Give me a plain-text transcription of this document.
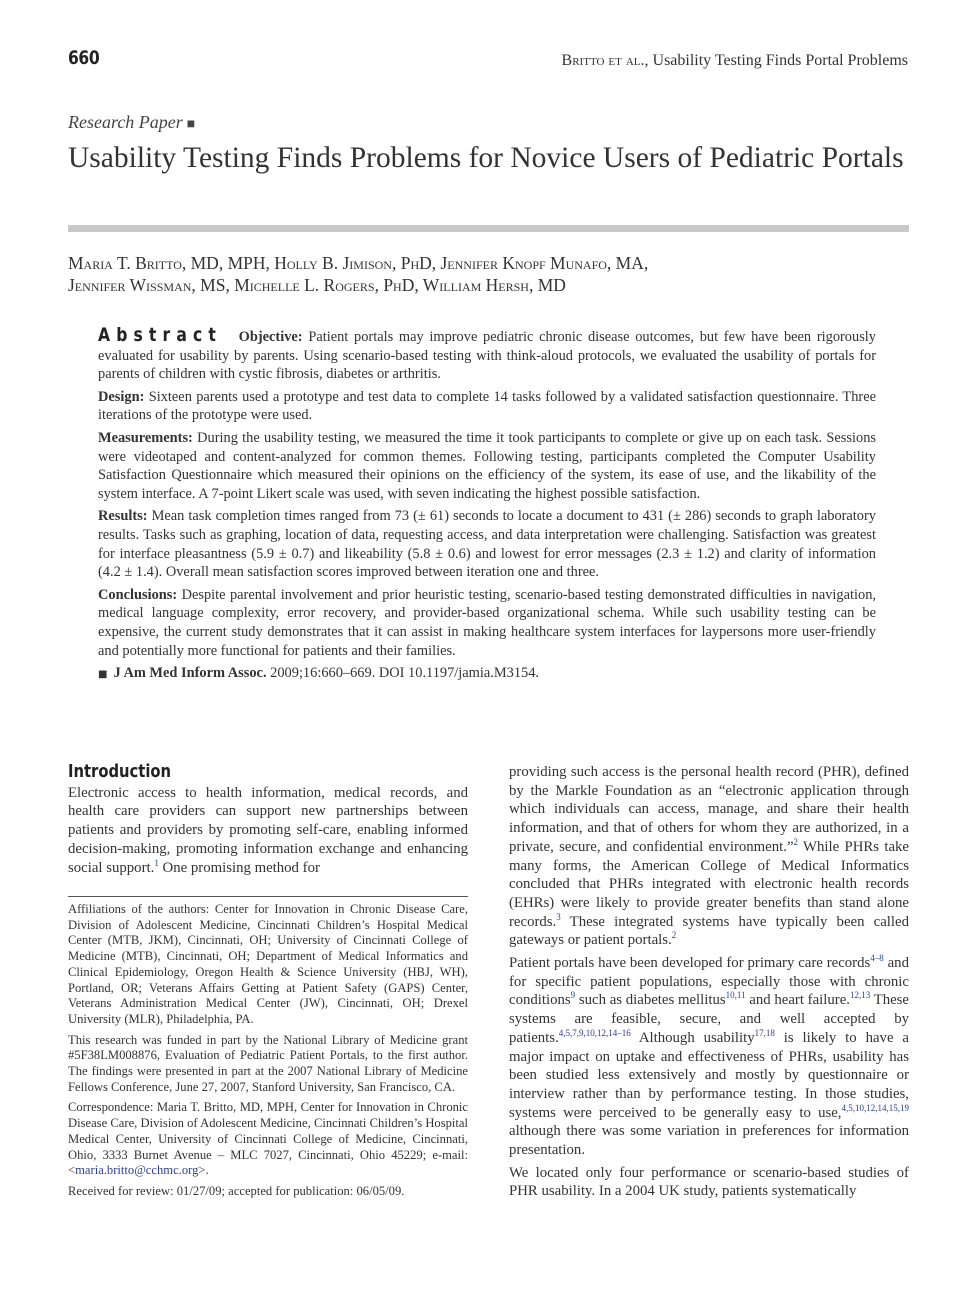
660	Britto et al., Usability Testing Finds Portal Problems
Research Paper ■
Usability Testing Finds Problems for Novice Users of Pediatric Portals
Maria T. Britto, MD, MPH, Holly B. Jimison, PhD, Jennifer Knopf Munafo, MA,
Jennifer Wissman, MS, Michelle L. Rogers, PhD, William Hersh, MD

Abstract Objective: Patient portals may improve pediatric chronic disease outcomes, but few have been rigorously evaluated for usability by parents. Using scenario-based testing with think-aloud protocols, we evaluated the usability of portals for parents of children with cystic fibrosis, diabetes or arthritis.

Design: Sixteen parents used a prototype and test data to complete 14 tasks followed by a validated satisfaction questionnaire. Three iterations of the prototype were used.

Measurements: During the usability testing, we measured the time it took participants to complete or give up on each task. Sessions were videotaped and content-analyzed for common themes. Following testing, participants completed the Computer Usability Satisfaction Questionnaire which measured their opinions on the efficiency of the system, its ease of use, and the likability of the system interface. A 7-point Likert scale was used, with seven indicating the highest possible satisfaction.

Results: Mean task completion times ranged from 73 (± 61) seconds to locate a document to 431 (± 286) seconds to graph laboratory results. Tasks such as graphing, location of data, requesting access, and data interpretation were challenging. Satisfaction was greatest for interface pleasantness (5.9 ± 0.7) and likeability (5.8 ± 0.6) and lowest for error messages (2.3 ± 1.2) and clarity of information (4.2 ± 1.4). Overall mean satisfaction scores improved between iteration one and three.

Conclusions: Despite parental involvement and prior heuristic testing, scenario-based testing demonstrated difficulties in navigation, medical language complexity, error recovery, and provider-based organizational schema. While such usability testing can be expensive, the current study demonstrates that it can assist in making healthcare system interfaces for laypersons more user-friendly and potentially more functional for patients and their families.

■ J Am Med Inform Assoc. 2009;16:660–669. DOI 10.1197/jamia.M3154.

Introduction

Electronic access to health information, medical records, and health care providers can support new partnerships between patients and providers by promoting self-care, enabling informed decision-making, promoting information exchange and enhancing social support.$^1$ One promising method for

Affiliations of the authors: Center for Innovation in Chronic Disease Care, Division of Adolescent Medicine, Cincinnati Children’s Hospital Medical Center (MTB, JKM), Cincinnati, OH; University of Cincinnati College of Medicine (MTB), Cincinnati, OH; Department of Medical Informatics and Clinical Epidemiology, Oregon Health & Science University (HBJ, WH), Portland, OR; Veterans Affairs Getting at Patient Safety (GAPS) Center, Veterans Administration Medical Center (JW), Cincinnati, OH; Drexel University (MLR), Philadelphia, PA.

This research was funded in part by the National Library of Medicine grant #5F38LM008876, Evaluation of Pediatric Patient Portals, to the first author. The findings were presented in part at the 2007 National Library of Medicine Fellows Conference, June 27, 2007, Stanford University, San Francisco, CA.

Correspondence: Maria T. Britto, MD, MPH, Center for Innovation in Chronic Disease Care, Division of Adolescent Medicine, Cincinnati Children’s Hospital Medical Center, University of Cincinnati College of Medicine, Cincinnati, Ohio, 3333 Burnet Avenue – MLC 7027, Cincinnati, Ohio 45229; e-mail: <maria.britto@cchmc.org>.

Received for review: 01/27/09; accepted for publication: 06/05/09.

providing such access is the personal health record (PHR), defined by the Markle Foundation as an “electronic application through which individuals can access, manage, and share their health information, and that of others for whom they are authorized, in a private, secure, and confidential environment.”$^2$ While PHRs take many forms, the American College of Medical Informatics concluded that PHRs integrated with electronic health records (EHRs) were likely to provide greater benefits than stand alone records.$^3$ These integrated systems have typically been called gateways or patient portals.$^2$

Patient portals have been developed for primary care records$^{4-8}$ and for specific patient populations, especially those with chronic conditions$^9$ such as diabetes mellitus$^{10,11}$ and heart failure.$^{12,13}$ These systems are feasible, secure, and well accepted by patients.$^{4,5,7,9,10,12,14-16}$ Although usability$^{17,18}$ is likely to have a major impact on uptake and effectiveness of PHRs, usability has been studied less extensively and mostly by questionnaire or interview rather than by performance testing. In those studies, systems were perceived to be generally easy to use,$^{4,5,10,12,14,15,19}$ although there was some variation in preferences for information presentation.

We located only four performance or scenario-based studies of PHR usability. In a 2004 UK study, patients systematically
